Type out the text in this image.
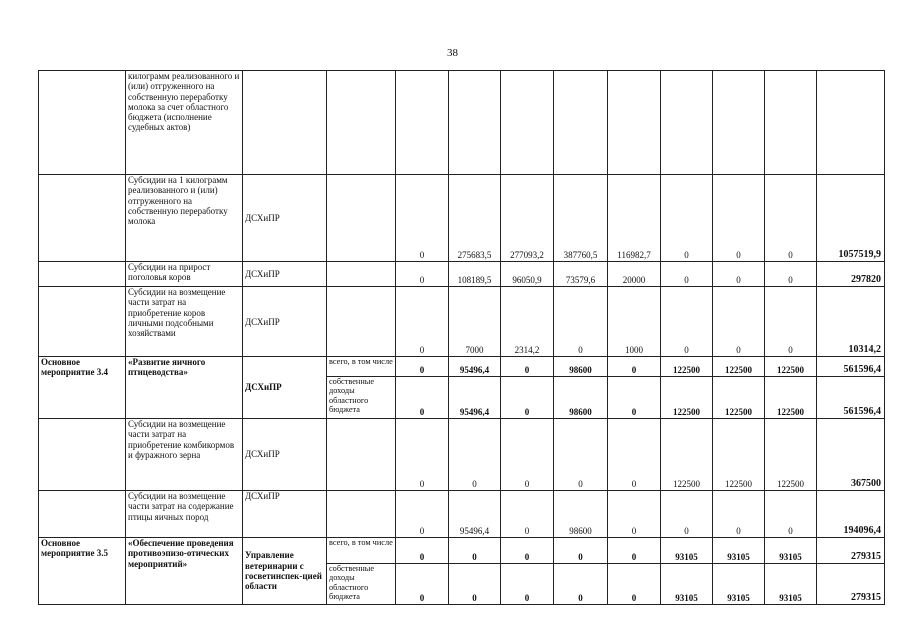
38
	килограмм реализованного и (или) отгруженного на собственную переработку молока за счет областного бюджета (исполнение судебных актов)											
	Субсидии на 1 килограмм реализованного и (или) отгруженного на собственную переработку молока	ДСХиПР		0	275683,5	277093,2	387760,5	116982,7	0	0	0	1057519,9
	Субсидии на прирост поголовья коров	ДСХиПР		0	108189,5	96050,9	73579,6	20000	0	0	0	297820
	Субсидии на возмещение части затрат на приобретение коров личными подсобными хозяйствами	ДСХиПР		0	7000	2314,2	0	1000	0	0	0	10314,2
Основное мероприятие 3.4	«Развитие яичного птицеводства»	ДСХиПР	всего, в том числе	0	95496,4	0	98600	0	122500	122500	122500	561596,4
			собственные доходы областного бюджета	0	95496,4	0	98600	0	122500	122500	122500	561596,4
	Субсидии на возмещение части затрат на приобретение комбикормов и фуражного зерна	ДСХиПР		0	0	0	0	0	122500	122500	122500	367500
	Субсидии на возмещение части затрат на содержание птицы яичных пород	ДСХиПР		0	95496,4	0	98600	0	0	0	0	194096,4
Основное мероприятие 3.5	«Обеспечение проведения противоэпизо-отических мероприятий»	Управление ветеринарии с госветинспек-цией области	всего, в том числе	0	0	0	0	0	93105	93105	93105	279315
			собственные доходы областного бюджета	0	0	0	0	0	93105	93105	93105	279315
